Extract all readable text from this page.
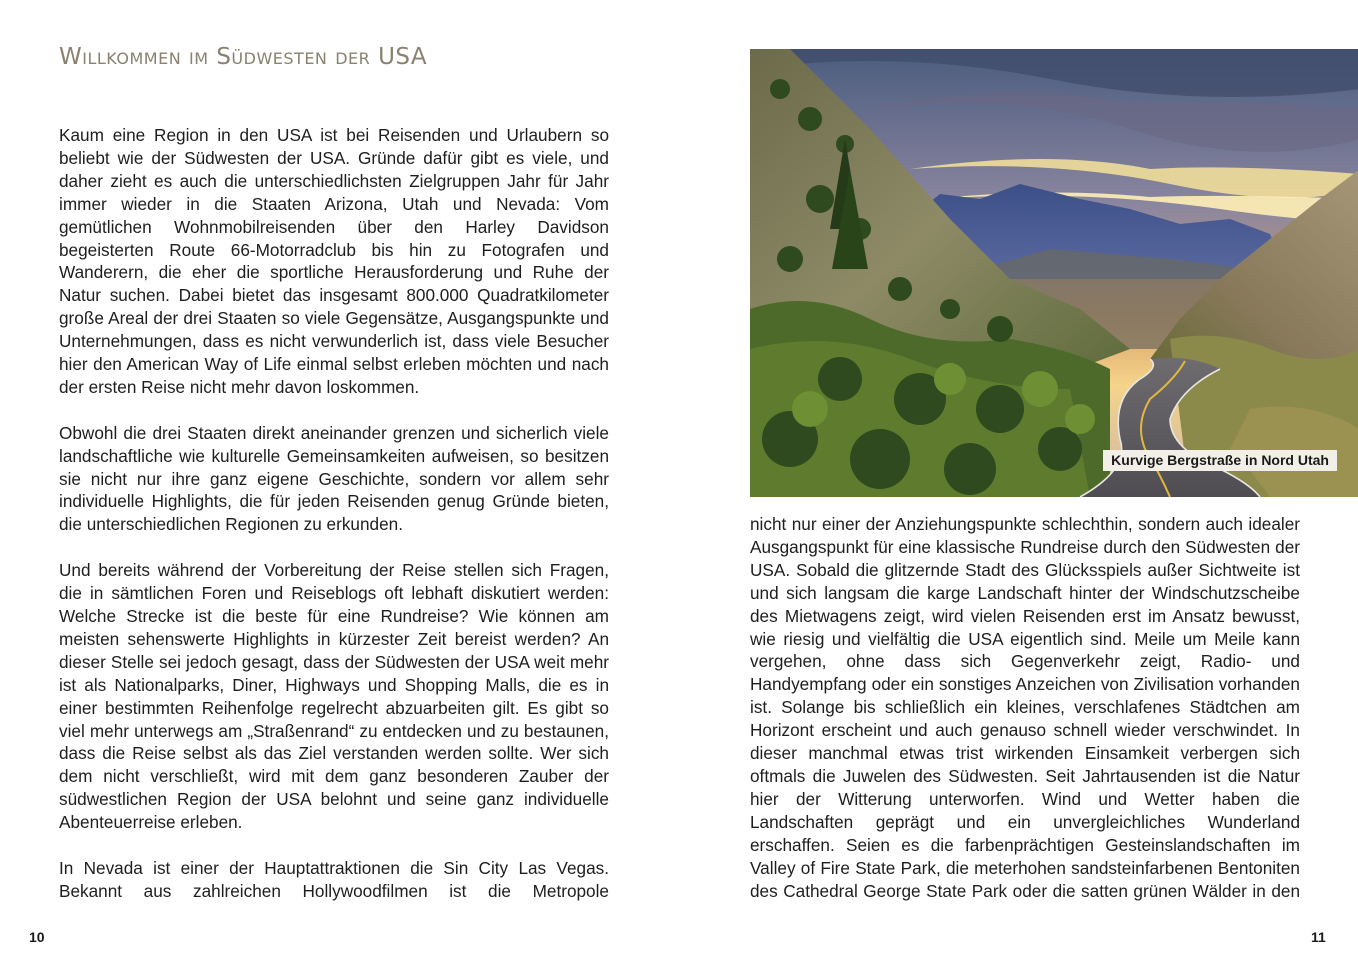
Willkommen im Südwesten der USA

Kaum eine Region in den USA ist bei Reisenden und Urlaubern so beliebt wie der Südwesten der USA. Gründe dafür gibt es viele, und daher zieht es auch die unterschiedlichsten Zielgruppen Jahr für Jahr immer wieder in die Staaten Arizona, Utah und Nevada: Vom gemütlichen Wohnmobilreisenden über den Harley Davidson begeisterten Route 66-Motorradclub bis hin zu Fotografen und Wanderern, die eher die sportliche Herausforderung und Ruhe der Natur suchen. Dabei bietet das insgesamt 800.000 Quadratkilometer große Areal der drei Staaten so viele Gegensätze, Ausgangspunkte und Unternehmungen, dass es nicht verwunderlich ist, dass viele Besucher hier den American Way of Life einmal selbst erleben möchten und nach der ersten Reise nicht mehr davon loskommen.

Obwohl die drei Staaten direkt aneinander grenzen und sicherlich viele landschaftliche wie kulturelle Gemeinsamkeiten aufweisen, so besitzen sie nicht nur ihre ganz eigene Geschichte, sondern vor allem sehr individuelle Highlights, die für jeden Reisenden genug Gründe bieten, die unterschiedlichen Regionen zu erkunden.

Und bereits während der Vorbereitung der Reise stellen sich Fragen, die in sämtlichen Foren und Reiseblogs oft lebhaft diskutiert werden: Welche Strecke ist die beste für eine Rundreise? Wie können am meisten sehenswerte Highlights in kürzester Zeit bereist werden? An dieser Stelle sei jedoch gesagt, dass der Südwesten der USA weit mehr ist als Nationalparks, Diner, Highways und Shopping Malls, die es in einer bestimmten Reihenfolge regelrecht abzuarbeiten gilt. Es gibt so viel mehr unterwegs am „Straßenrand“ zu entdecken und zu bestaunen, dass die Reise selbst als das Ziel verstanden werden sollte. Wer sich dem nicht verschließt, wird mit dem ganz besonderen Zauber der südwestlichen Region der USA belohnt und seine ganz individuelle Abenteuerreise erleben.

In Nevada ist einer der Hauptattraktionen die Sin City Las Vegas. Bekannt aus zahlreichen Hollywoodfilmen ist die Metropole

10
Kurvige Bergstraße in Nord Utah

nicht nur einer der Anziehungspunkte schlechthin, sondern auch idealer Ausgangspunkt für eine klassische Rundreise durch den Südwesten der USA. Sobald die glitzernde Stadt des Glücksspiels außer Sichtweite ist und sich langsam die karge Landschaft hinter der Windschutzscheibe des Mietwagens zeigt, wird vielen Reisenden erst im Ansatz bewusst, wie riesig und vielfältig die USA eigentlich sind. Meile um Meile kann vergehen, ohne dass sich Gegenverkehr zeigt, Radio- und Handyempfang oder ein sonstiges Anzeichen von Zivilisation vorhanden ist. Solange bis schließlich ein kleines, verschlafenes Städtchen am Horizont erscheint und auch genauso schnell wieder verschwindet. In dieser manchmal etwas trist wirkenden Einsamkeit verbergen sich oftmals die Juwelen des Südwesten. Seit Jahrtausenden ist die Natur hier der Witterung unterworfen. Wind und Wetter haben die Landschaften geprägt und ein unvergleichliches Wunderland erschaffen. Seien es die farbenprächtigen Gesteinslandschaften im Valley of Fire State Park, die meterhohen sandsteinfarbenen Bentoniten des Cathedral George State Park oder die satten grünen Wälder in den

11
